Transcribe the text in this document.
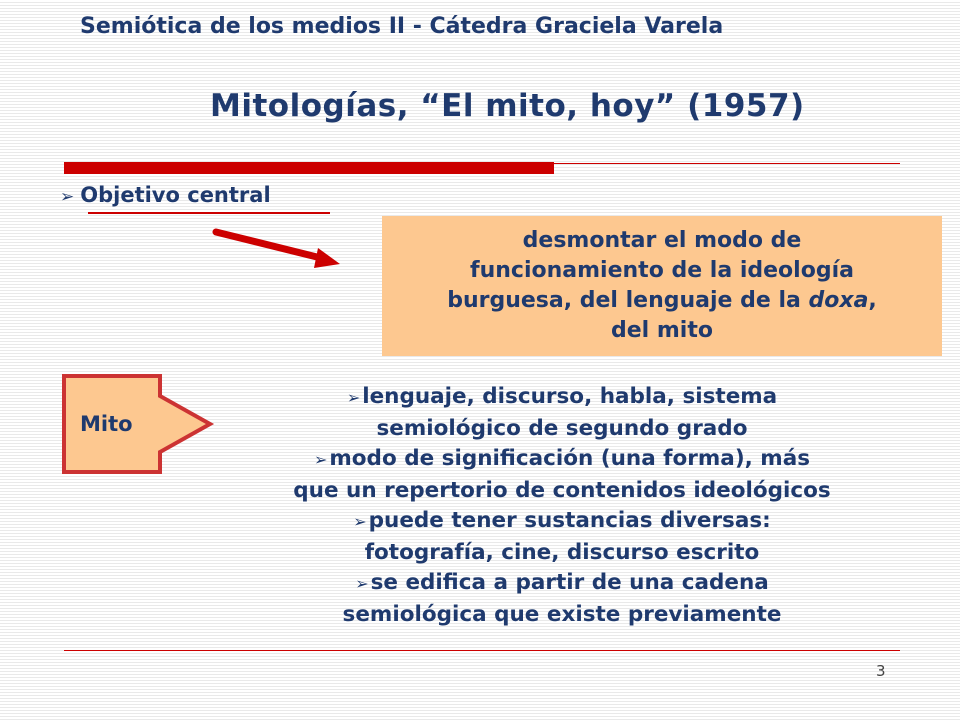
Semiótica de los medios II - Cátedra Graciela Varela
Mitologías, “El mito, hoy” (1957)
➢ Objetivo central
desmontar el modo de
funcionamiento de la ideología
burguesa, del lenguaje de la doxa,
del mito
Mito
➢lenguaje, discurso, habla, sistema
semiológico de segundo grado
➢modo de significación (una forma), más
que un repertorio de contenidos ideológicos
➢puede tener sustancias diversas:
fotografía, cine, discurso escrito
➢se edifica a partir de una cadena
semiológica que existe previamente
3
